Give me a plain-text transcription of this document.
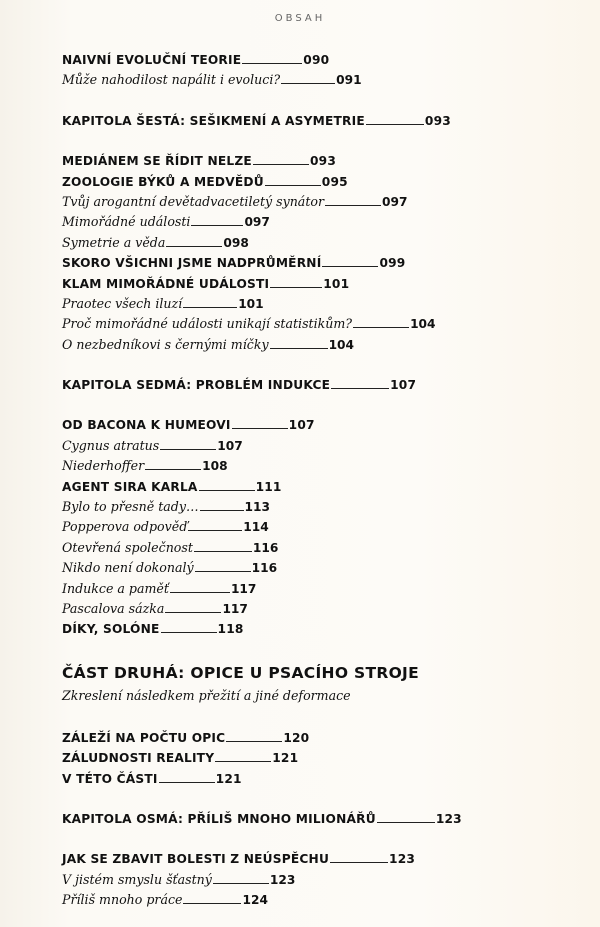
OBSAH
NAIVNÍ EVOLUČNÍ TEORIE	090
Může nahodilost napálit i evoluci?	091
KAPITOLA ŠESTÁ: SEŠIKMENÍ A ASYMETRIE	093
MEDIÁNEM SE ŘÍDIT NELZE	093
ZOOLOGIE BÝKŮ A MEDVĚDŮ	095
Tvůj arogantní devětadvacetiletý synátor	097
Mimořádné události	097
Symetrie a věda	098
SKORO VŠICHNI JSME NADPRŮMĚRNÍ	099
KLAM MIMOŘÁDNÉ UDÁLOSTI	101
Praotec všech iluzí	101
Proč mimořádné události unikají statistikům?	104
O nezbedníkovi s černými míčky	104
KAPITOLA SEDMÁ: PROBLÉM INDUKCE	107
OD BACONA K HUMEOVI	107
Cygnus atratus	107
Niederhoffer	108
AGENT SIRA KARLA	111
Bylo to přesně tady…	113
Popperova odpověď	114
Otevřená společnost	116
Nikdo není dokonalý	116
Indukce a paměť	117
Pascalova sázka	117
DÍKY, SOLÓNE	118
ČÁST DRUHÁ: OPICE U PSACÍHO STROJE
Zkreslení následkem přežití a jiné deformace
ZÁLEŽÍ NA POČTU OPIC	120
ZÁLUDNOSTI REALITY	121
V TÉTO ČÁSTI	121
KAPITOLA OSMÁ: PŘÍLIŠ MNOHO MILIONÁŘŮ	123
JAK SE ZBAVIT BOLESTI Z NEÚSPĚCHU	123
V jistém smyslu šťastný	123
Příliš mnoho práce	124
